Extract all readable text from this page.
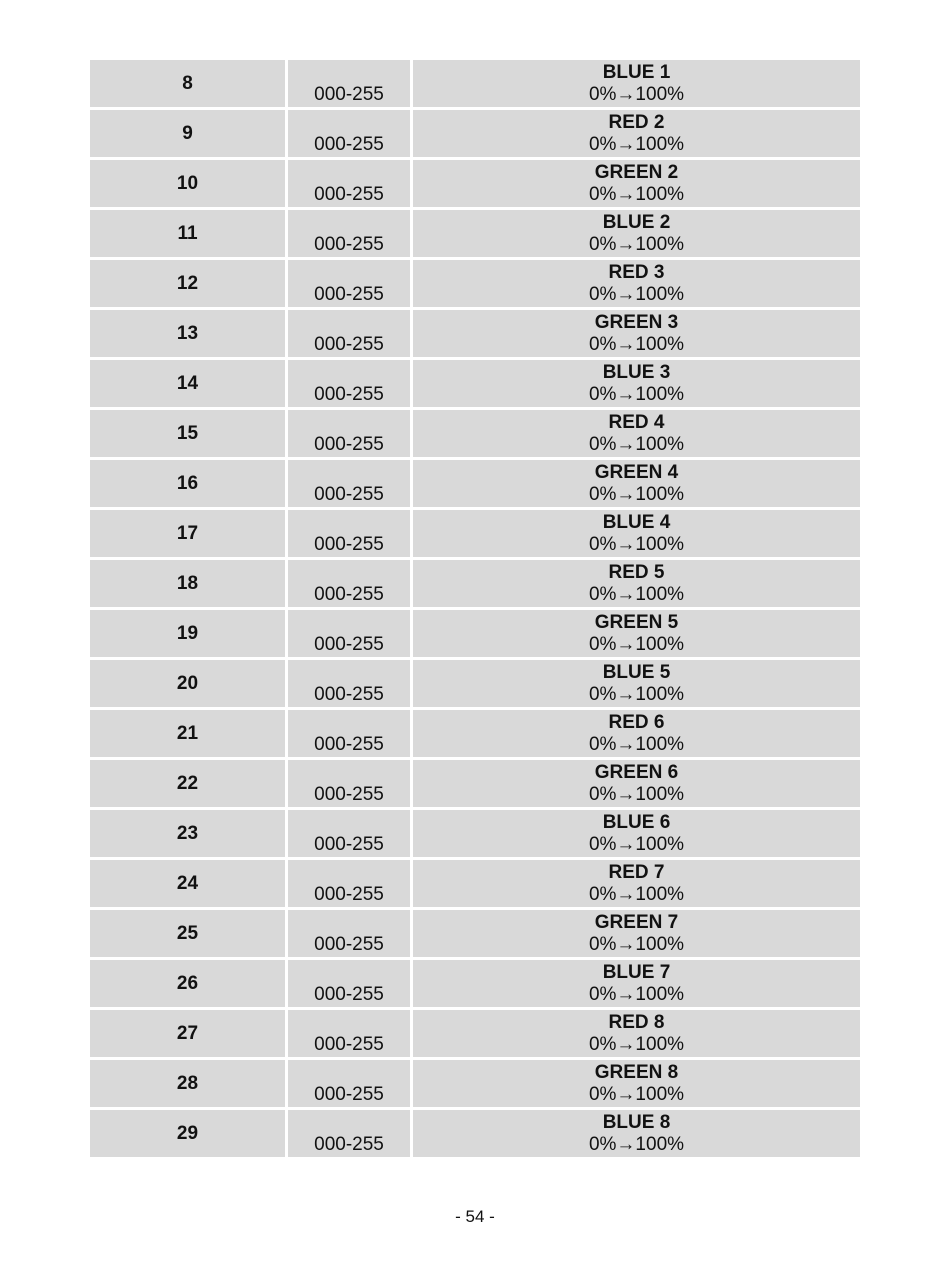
8
000-255
BLUE 1
0%→100%
9
000-255
RED 2
0%→100%
10
000-255
GREEN 2
0%→100%
11
000-255
BLUE 2
0%→100%
12
000-255
RED 3
0%→100%
13
000-255
GREEN 3
0%→100%
14
000-255
BLUE 3
0%→100%
15
000-255
RED 4
0%→100%
16
000-255
GREEN 4
0%→100%
17
000-255
BLUE 4
0%→100%
18
000-255
RED 5
0%→100%
19
000-255
GREEN 5
0%→100%
20
000-255
BLUE 5
0%→100%
21
000-255
RED 6
0%→100%
22
000-255
GREEN 6
0%→100%
23
000-255
BLUE 6
0%→100%
24
000-255
RED 7
0%→100%
25
000-255
GREEN 7
0%→100%
26
000-255
BLUE 7
0%→100%
27
000-255
RED 8
0%→100%
28
000-255
GREEN 8
0%→100%
29
000-255
BLUE 8
0%→100%
- 54 -
